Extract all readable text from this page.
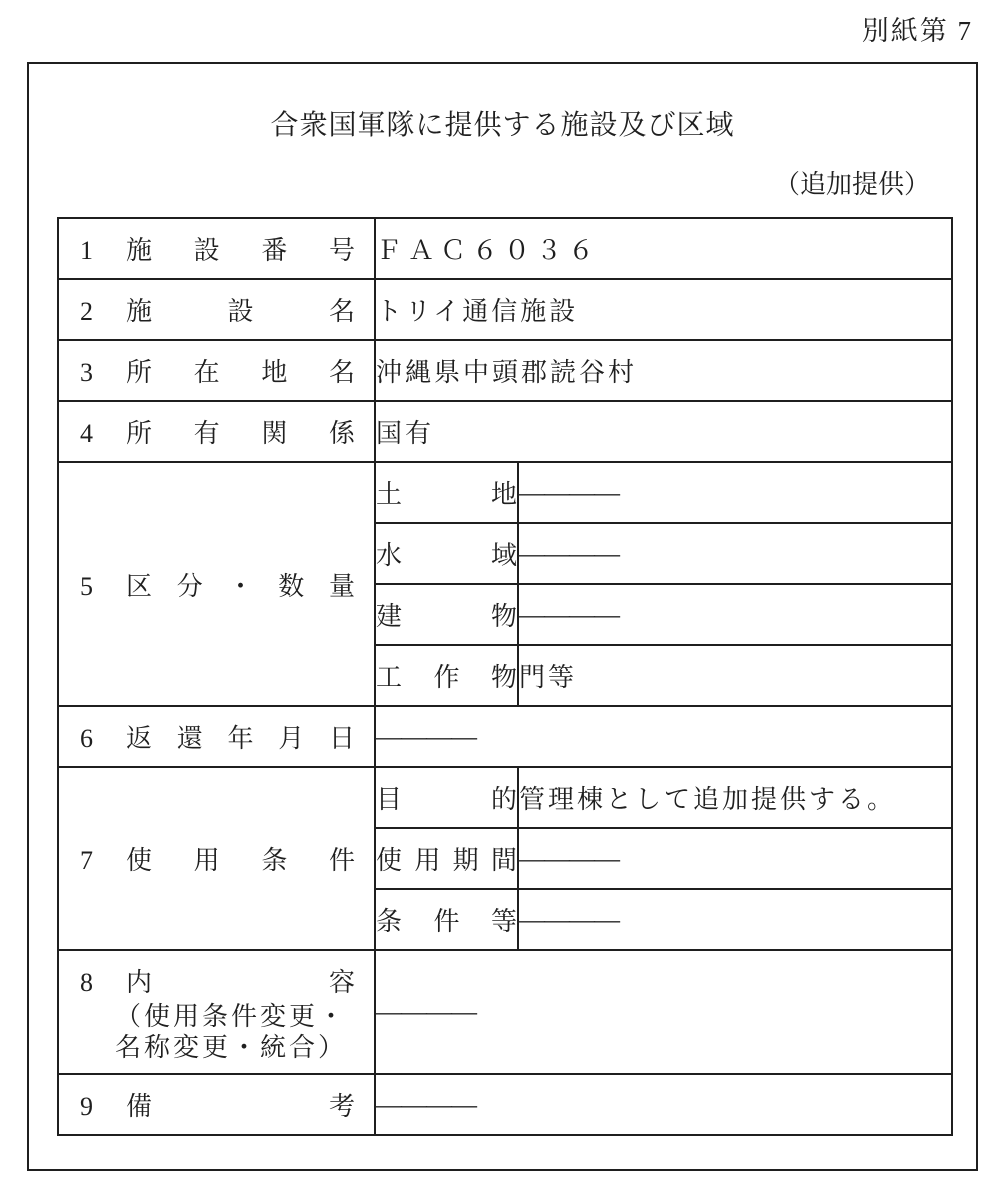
別紙第 7
合衆国軍隊に提供する施設及び区域
（追加提供）
1 施設番号	ＦＡＣ６０３６	

2 施設名	トリイ通信施設	

3 所在地名	沖縄県中頭郡読谷村	

4 所有関係	国有	

5 区分・数量	土地	————

	水域	————

	建物	————

	工作物	門等

6 返還年月日	————	

7 使用条件	目的	管理棟として追加提供する。

	使用期間	————

	条件等	————

8 内容
（使用条件変更・
名称変更・統合）	————	

9 備考	————	
